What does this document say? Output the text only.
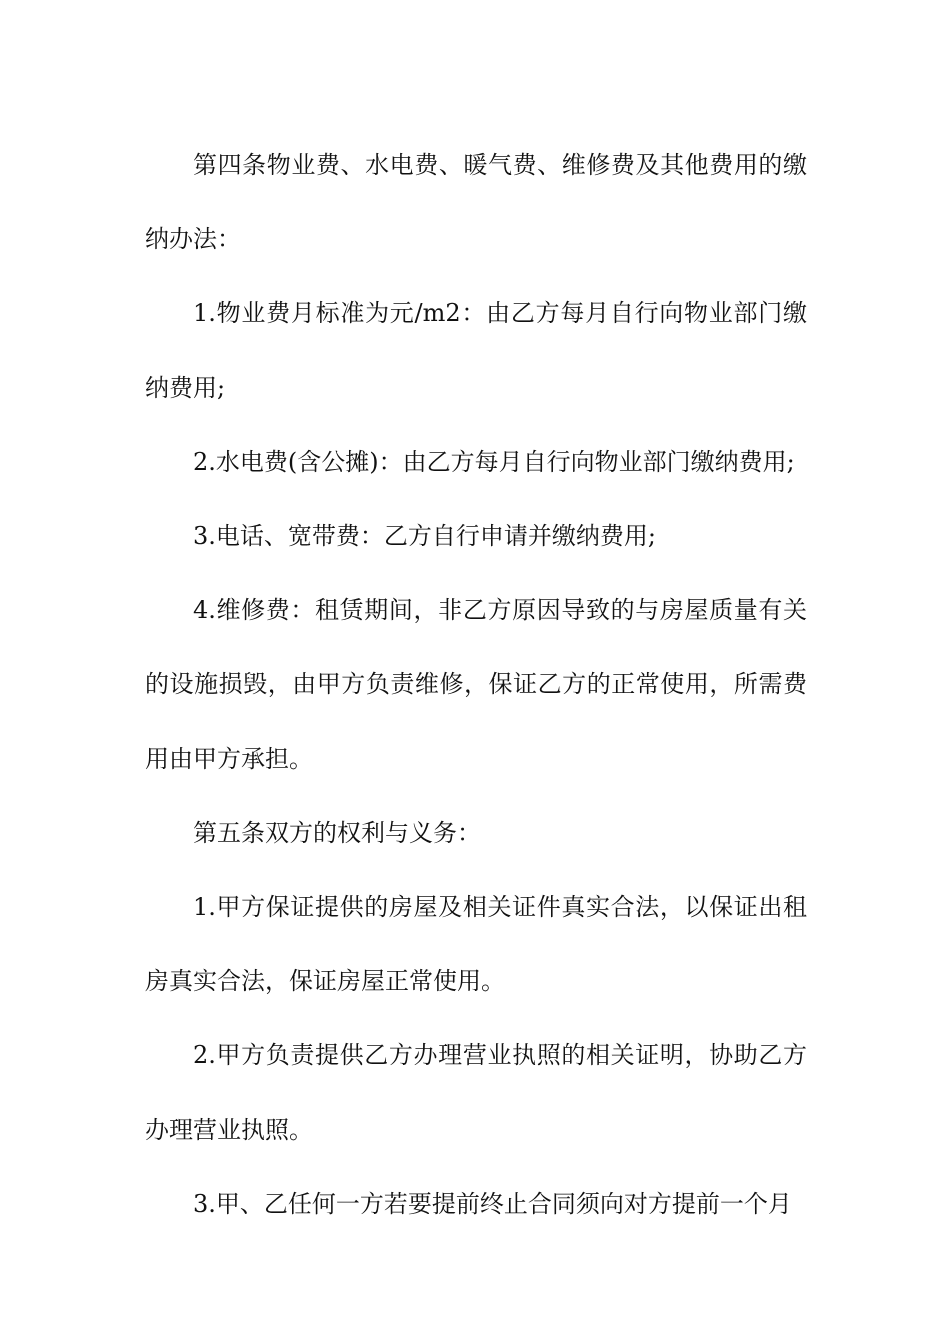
第四条物业费、水电费、暖气费、维修费及其他费用的缴纳办法：

1.物业费月标准为元/m2：由乙方每月自行向物业部门缴纳费用;

2.水电费(含公摊)：由乙方每月自行向物业部门缴纳费用;

3.电话、宽带费：乙方自行申请并缴纳费用;

4.维修费：租赁期间，非乙方原因导致的与房屋质量有关的设施损毁，由甲方负责维修，保证乙方的正常使用，所需费用由甲方承担。

第五条双方的权利与义务：

1.甲方保证提供的房屋及相关证件真实合法，以保证出租房真实合法，保证房屋正常使用。

2.甲方负责提供乙方办理营业执照的相关证明，协助乙方办理营业执照。

3.甲、乙任何一方若要提前终止合同须向对方提前一个月
